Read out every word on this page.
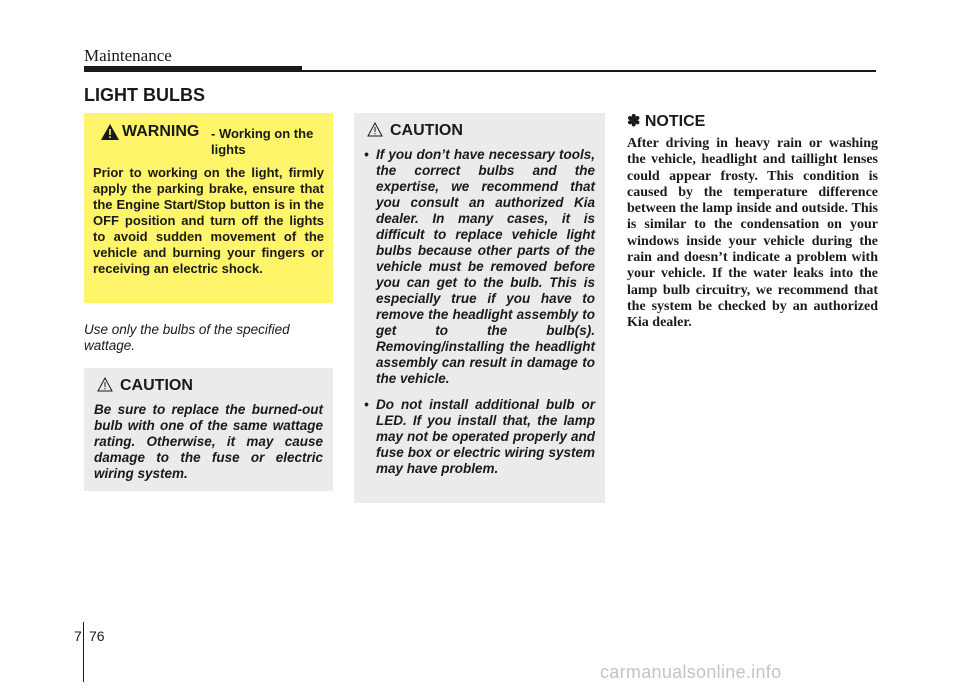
Maintenance
LIGHT BULBS
WARNING - Working on the lights
Prior to working on the light, firmly apply the parking brake, ensure that the Engine Start/Stop button is in the OFF position and turn off the lights to avoid sudden movement of the vehicle and burning your fingers or receiving an electric shock.
Use only the bulbs of the specified wattage.
CAUTION
Be sure to replace the burned-out bulb with one of the same wattage rating. Otherwise, it may cause damage to the fuse or electric wiring system.
CAUTION
• If you don’t have necessary tools, the correct bulbs and the expertise, we recommend that you consult an authorized Kia dealer. In many cases, it is difficult to replace vehicle light bulbs because other parts of the vehicle must be removed before you can get to the bulb. This is especially true if you have to remove the headlight assembly to get to the bulb(s). Removing/installing the headlight assembly can result in damage to the vehicle.
• Do not install additional bulb or LED. If you install that, the lamp may not be operated properly and fuse box or electric wiring system may have problem.
✽ NOTICE
After driving in heavy rain or washing the vehicle, headlight and taillight lenses could appear frosty. This condition is caused by the temperature difference between the lamp inside and outside. This is similar to the condensation on your windows inside your vehicle during the rain and doesn’t indicate a problem with your vehicle. If the water leaks into the lamp bulb circuitry, we recommend that the system be checked by an authorized Kia dealer.
7 76
carmanualsonline.info
